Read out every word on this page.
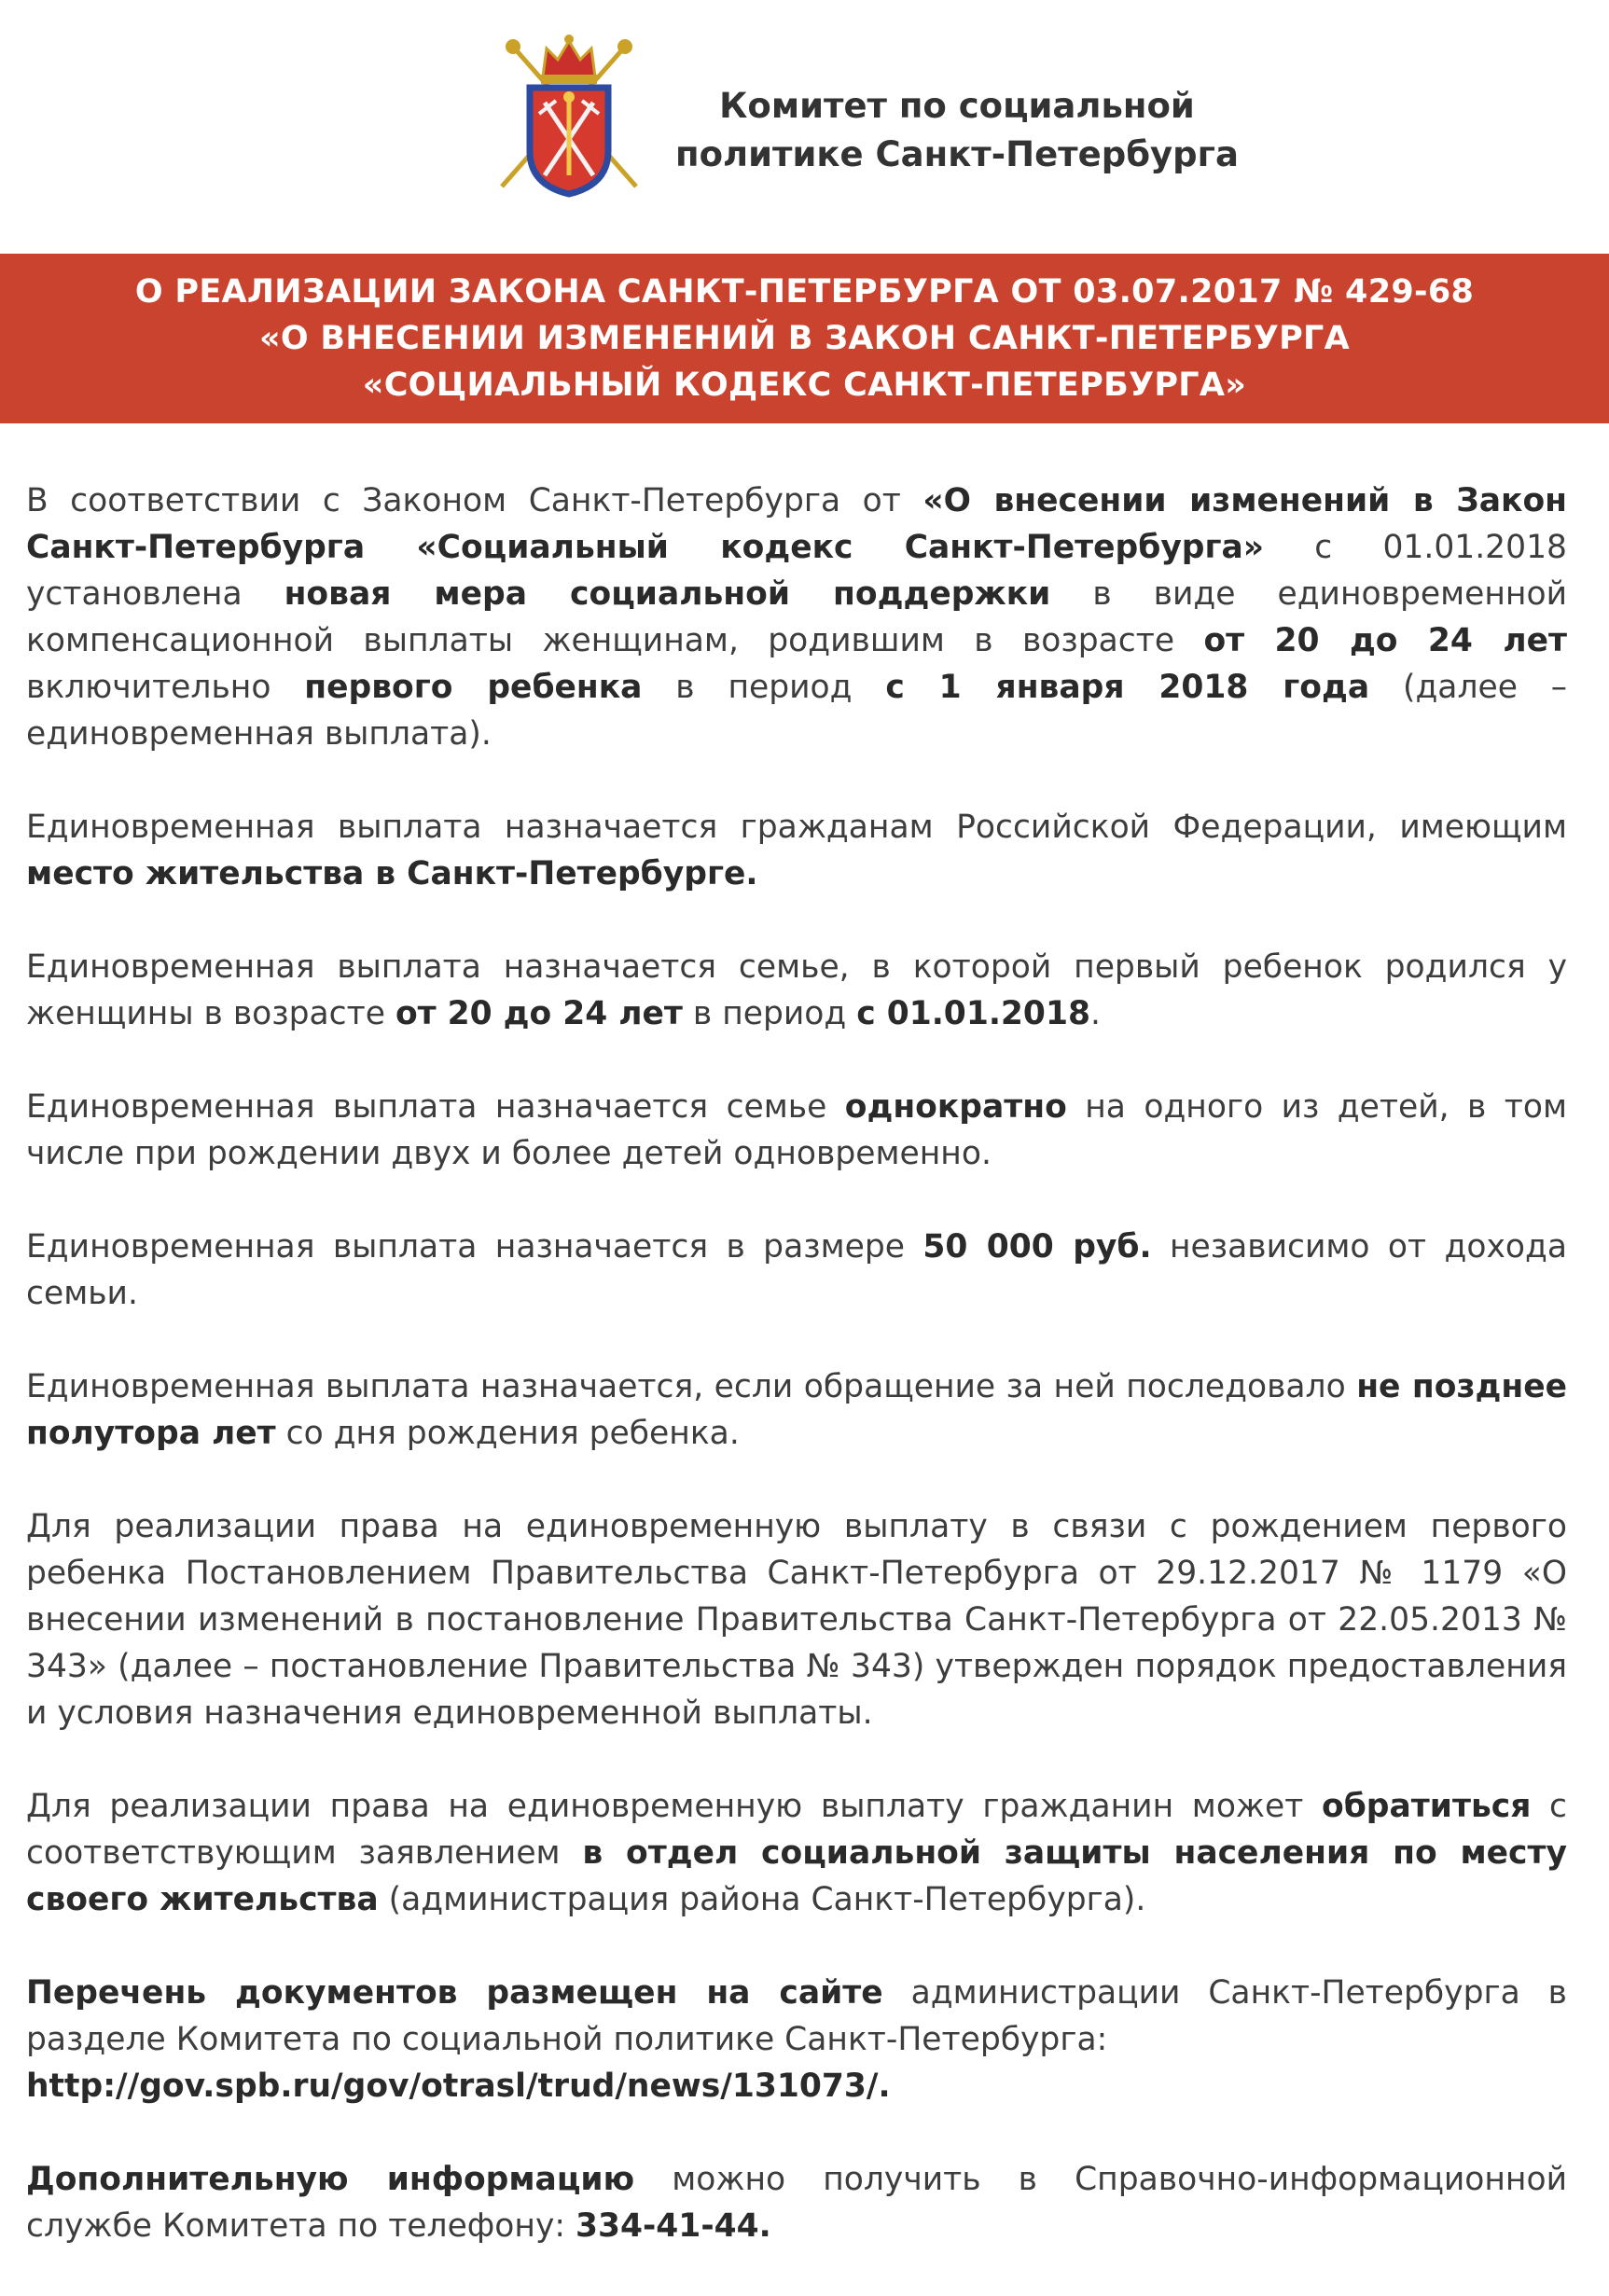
Комитет по социальной
политике Санкт-Петербурга
О РЕАЛИЗАЦИИ ЗАКОНА САНКТ-ПЕТЕРБУРГА ОТ 03.07.2017 № 429-68
«О ВНЕСЕНИИ ИЗМЕНЕНИЙ В ЗАКОН САНКТ-ПЕТЕРБУРГА
«СОЦИАЛЬНЫЙ КОДЕКС САНКТ-ПЕТЕРБУРГА»

В соответствии с Законом Санкт-Петербурга от «О внесении изменений в Закон Санкт-Петербурга «Социальный кодекс Санкт-Петербурга» с 01.01.2018 установлена новая мера социальной поддержки в виде единовременной компенсационной выплаты женщинам, родившим в возрасте от 20 до 24 лет включительно первого ребенка в период с 1 января 2018 года (далее – единовременная выплата).

Единовременная выплата назначается гражданам Российской Федерации, имеющим место жительства в Санкт-Петербурге.

Единовременная выплата назначается семье, в которой первый ребенок родился у женщины в возрасте от 20 до 24 лет в период с 01.01.2018.

Единовременная выплата назначается семье однократно на одного из детей, в том числе при рождении двух и более детей одновременно.

Единовременная выплата назначается в размере 50 000 руб. независимо от дохода семьи.

Единовременная выплата назначается, если обращение за ней последовало не позднее полутора лет со дня рождения ребенка.

Для реализации права на единовременную выплату в связи с рождением первого ребенка Постановлением Правительства Санкт-Петербурга от 29.12.2017 № 1179 «О внесении изменений в постановление Правительства Санкт-Петербурга от 22.05.2013 № 343» (далее – постановление Правительства № 343) утвержден порядок предоставления и условия назначения единовременной выплаты.

Для реализации права на единовременную выплату гражданин может обратиться с соответствующим заявлением в отдел социальной защиты населения по месту своего жительства (администрация района Санкт-Петербурга).

Перечень документов размещен на сайте администрации Санкт-Петербурга в разделе Комитета по социальной политике Санкт-Петербурга:
http://gov.spb.ru/gov/otrasl/trud/news/131073/.

Дополнительную информацию можно получить в Справочно-информационной службе Комитета по телефону: 334-41-44.
